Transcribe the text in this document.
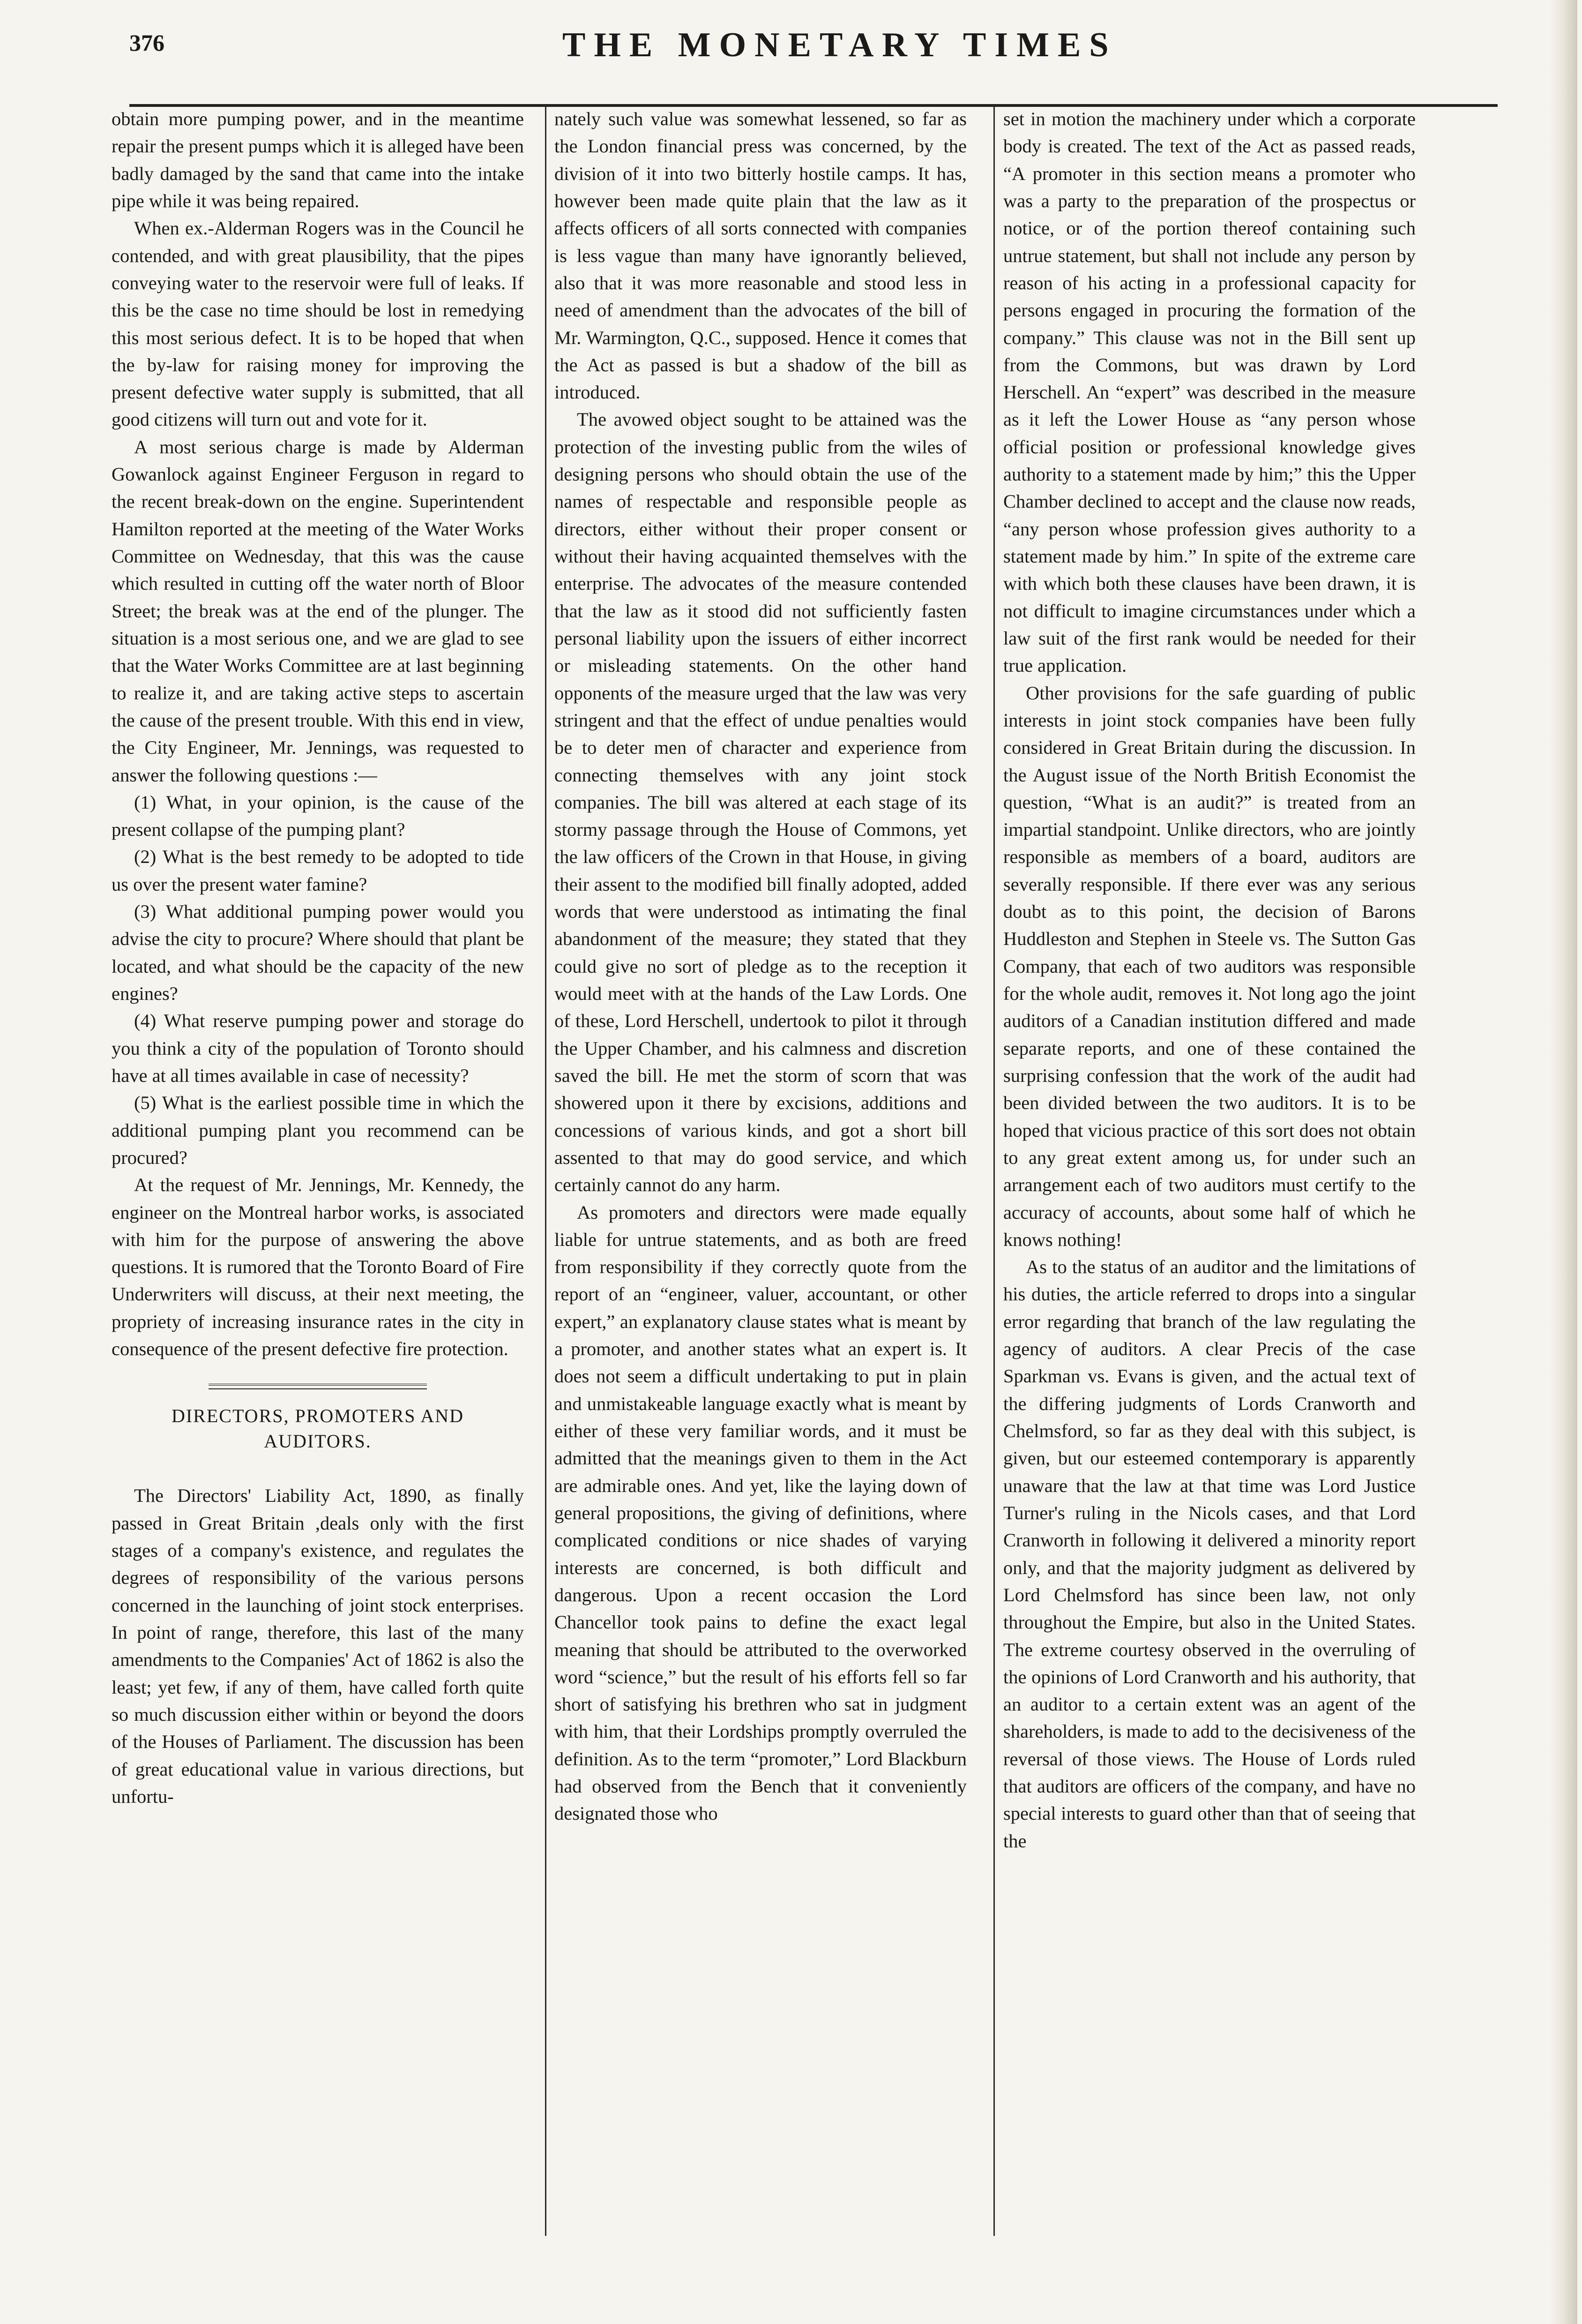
376	THE MONETARY TIMES

obtain more pumping power, and in the meantime repair the present pumps which it is alleged have been badly damaged by the sand that came into the intake pipe while it was being repaired.

When ex.-Alderman Rogers was in the Council he contended, and with great plausibility, that the pipes conveying water to the reservoir were full of leaks. If this be the case no time should be lost in remedying this most serious defect. It is to be hoped that when the by-law for raising money for improving the present defective water supply is submitted, that all good citizens will turn out and vote for it.

A most serious charge is made by Alderman Gowanlock against Engineer Ferguson in regard to the recent break-down on the engine. Superintendent Hamilton reported at the meeting of the Water Works Committee on Wednesday, that this was the cause which resulted in cutting off the water north of Bloor Street; the break was at the end of the plunger. The situation is a most serious one, and we are glad to see that the Water Works Committee are at last beginning to realize it, and are taking active steps to ascertain the cause of the present trouble. With this end in view, the City Engineer, Mr. Jennings, was requested to answer the following questions :—

(1) What, in your opinion, is the cause of the present collapse of the pumping plant?

(2) What is the best remedy to be adopted to tide us over the present water famine?

(3) What additional pumping power would you advise the city to procure? Where should that plant be located, and what should be the capacity of the new engines?

(4) What reserve pumping power and storage do you think a city of the population of Toronto should have at all times available in case of necessity?

(5) What is the earliest possible time in which the additional pumping plant you recommend can be procured?

At the request of Mr. Jennings, Mr. Kennedy, the engineer on the Montreal harbor works, is associated with him for the purpose of answering the above questions. It is rumored that the Toronto Board of Fire Underwriters will discuss, at their next meeting, the propriety of increasing insurance rates in the city in consequence of the present defective fire protection.

DIRECTORS, PROMOTERS AND AUDITORS.

The Directors' Liability Act, 1890, as finally passed in Great Britain ,deals only with the first stages of a company's existence, and regulates the degrees of responsibility of the various persons concerned in the launching of joint stock enterprises. In point of range, therefore, this last of the many amendments to the Companies' Act of 1862 is also the least; yet few, if any of them, have called forth quite so much discussion either within or beyond the doors of the Houses of Parliament. The discussion has been of great educational value in various directions, but unfortu-

nately such value was somewhat lessened, so far as the London financial press was concerned, by the division of it into two bitterly hostile camps. It has, however been made quite plain that the law as it affects officers of all sorts connected with companies is less vague than many have ignorantly believed, also that it was more reasonable and stood less in need of amendment than the advocates of the bill of Mr. Warmington, Q.C., supposed. Hence it comes that the Act as passed is but a shadow of the bill as introduced.

The avowed object sought to be attained was the protection of the investing public from the wiles of designing persons who should obtain the use of the names of respectable and responsible people as directors, either without their proper consent or without their having acquainted themselves with the enterprise. The advocates of the measure contended that the law as it stood did not sufficiently fasten personal liability upon the issuers of either incorrect or misleading statements. On the other hand opponents of the measure urged that the law was very stringent and that the effect of undue penalties would be to deter men of character and experience from connecting themselves with any joint stock companies. The bill was altered at each stage of its stormy passage through the House of Commons, yet the law officers of the Crown in that House, in giving their assent to the modified bill finally adopted, added words that were understood as intimating the final abandonment of the measure; they stated that they could give no sort of pledge as to the reception it would meet with at the hands of the Law Lords. One of these, Lord Herschell, undertook to pilot it through the Upper Chamber, and his calmness and discretion saved the bill. He met the storm of scorn that was showered upon it there by excisions, additions and concessions of various kinds, and got a short bill assented to that may do good service, and which certainly cannot do any harm.

As promoters and directors were made equally liable for untrue statements, and as both are freed from responsibility if they correctly quote from the report of an “engineer, valuer, accountant, or other expert,” an explanatory clause states what is meant by a promoter, and another states what an expert is. It does not seem a difficult undertaking to put in plain and unmistakeable language exactly what is meant by either of these very familiar words, and it must be admitted that the meanings given to them in the Act are admirable ones. And yet, like the laying down of general propositions, the giving of definitions, where complicated conditions or nice shades of varying interests are concerned, is both difficult and dangerous. Upon a recent occasion the Lord Chancellor took pains to define the exact legal meaning that should be attributed to the overworked word “science,” but the result of his efforts fell so far short of satisfying his brethren who sat in judgment with him, that their Lordships promptly overruled the definition. As to the term “promoter,” Lord Blackburn had observed from the Bench that it conveniently designated those who

set in motion the machinery under which a corporate body is created. The text of the Act as passed reads, “A promoter in this section means a promoter who was a party to the preparation of the prospectus or notice, or of the portion thereof containing such untrue statement, but shall not include any person by reason of his acting in a professional capacity for persons engaged in procuring the formation of the company.” This clause was not in the Bill sent up from the Commons, but was drawn by Lord Herschell. An “expert” was described in the measure as it left the Lower House as “any person whose official position or professional knowledge gives authority to a statement made by him;” this the Upper Chamber declined to accept and the clause now reads, “any person whose profession gives authority to a statement made by him.” In spite of the extreme care with which both these clauses have been drawn, it is not difficult to imagine circumstances under which a law suit of the first rank would be needed for their true application.

Other provisions for the safe guarding of public interests in joint stock companies have been fully considered in Great Britain during the discussion. In the August issue of the North British Economist the question, “What is an audit?” is treated from an impartial standpoint. Unlike directors, who are jointly responsible as members of a board, auditors are severally responsible. If there ever was any serious doubt as to this point, the decision of Barons Huddleston and Stephen in Steele vs. The Sutton Gas Company, that each of two auditors was responsible for the whole audit, removes it. Not long ago the joint auditors of a Canadian institution differed and made separate reports, and one of these contained the surprising confession that the work of the audit had been divided between the two auditors. It is to be hoped that vicious practice of this sort does not obtain to any great extent among us, for under such an arrangement each of two auditors must certify to the accuracy of accounts, about some half of which he knows nothing!

As to the status of an auditor and the limitations of his duties, the article referred to drops into a singular error regarding that branch of the law regulating the agency of auditors. A clear Precis of the case Sparkman vs. Evans is given, and the actual text of the differing judgments of Lords Cranworth and Chelmsford, so far as they deal with this subject, is given, but our esteemed contemporary is apparently unaware that the law at that time was Lord Justice Turner's ruling in the Nicols cases, and that Lord Cranworth in following it delivered a minority report only, and that the majority judgment as delivered by Lord Chelmsford has since been law, not only throughout the Empire, but also in the United States. The extreme courtesy observed in the overruling of the opinions of Lord Cranworth and his authority, that an auditor to a certain extent was an agent of the shareholders, is made to add to the decisiveness of the reversal of those views. The House of Lords ruled that auditors are officers of the company, and have no special interests to guard other than that of seeing that the
